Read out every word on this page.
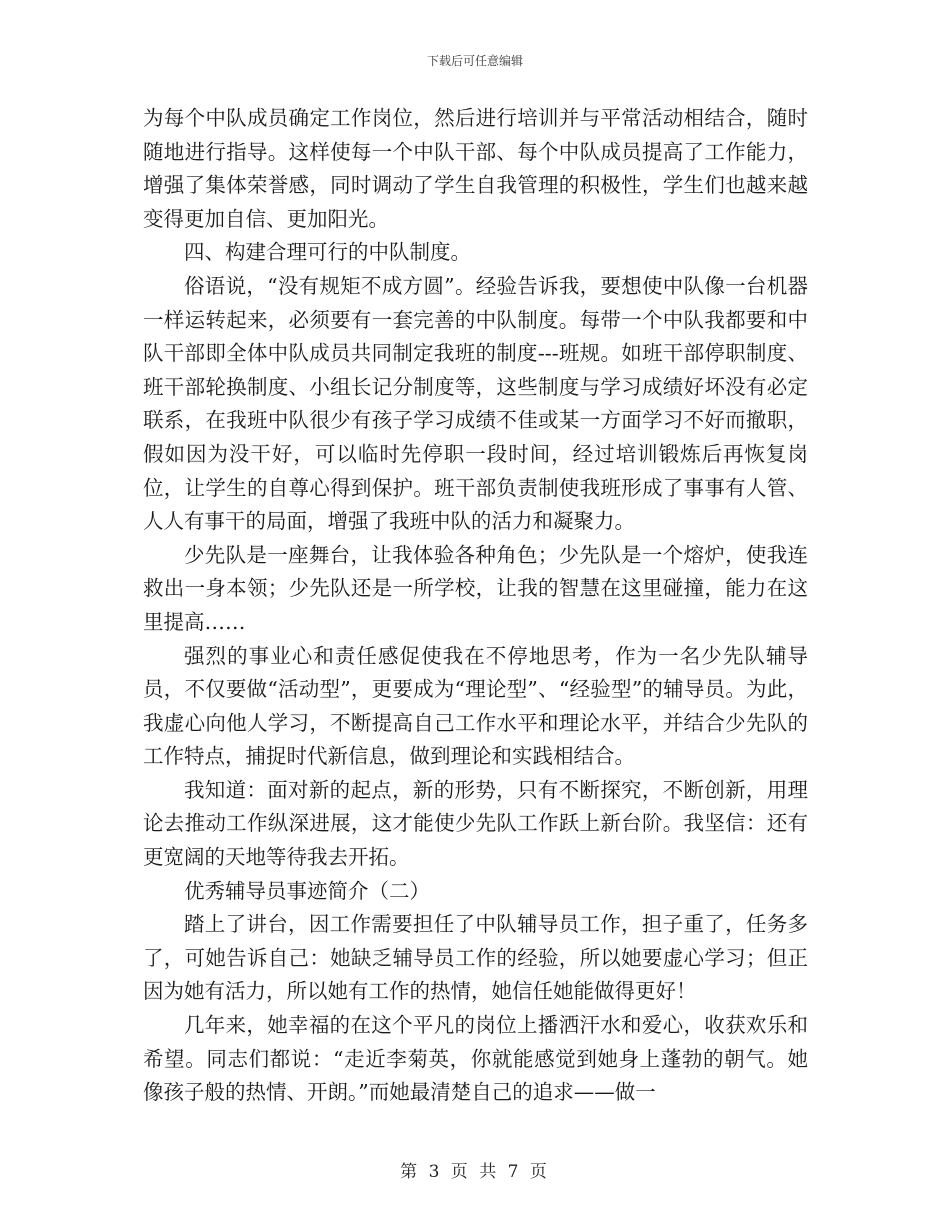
下载后可任意编辑

为每个中队成员确定工作岗位，然后进行培训并与平常活动相结合，随时随地进行指导。这样使每一个中队干部、每个中队成员提高了工作能力，增强了集体荣誉感，同时调动了学生自我管理的积极性，学生们也越来越变得更加自信、更加阳光。

四、构建合理可行的中队制度。

俗语说，“没有规矩不成方圆”。经验告诉我，要想使中队像一台机器一样运转起来，必须要有一套完善的中队制度。每带一个中队我都要和中队干部即全体中队成员共同制定我班的制度---班规。如班干部停职制度、班干部轮换制度、小组长记分制度等，这些制度与学习成绩好坏没有必定联系，在我班中队很少有孩子学习成绩不佳或某一方面学习不好而撤职，假如因为没干好，可以临时先停职一段时间，经过培训锻炼后再恢复岗位，让学生的自尊心得到保护。班干部负责制使我班形成了事事有人管、人人有事干的局面，增强了我班中队的活力和凝聚力。

少先队是一座舞台，让我体验各种角色；少先队是一个熔炉，使我连救出一身本领；少先队还是一所学校，让我的智慧在这里碰撞，能力在这里提高……

强烈的事业心和责任感促使我在不停地思考，作为一名少先队辅导员，不仅要做“活动型”，更要成为“理论型”、“经验型”的辅导员。为此，我虚心向他人学习，不断提高自己工作水平和理论水平，并结合少先队的工作特点，捕捉时代新信息，做到理论和实践相结合。

我知道：面对新的起点，新的形势，只有不断探究，不断创新，用理论去推动工作纵深进展，这才能使少先队工作跃上新台阶。我坚信：还有更宽阔的天地等待我去开拓。

优秀辅导员事迹简介（二）

踏上了讲台，因工作需要担任了中队辅导员工作，担子重了，任务多了，可她告诉自己：她缺乏辅导员工作的经验，所以她要虚心学习；但正因为她有活力，所以她有工作的热情，她信任她能做得更好！

几年来，她幸福的在这个平凡的岗位上播洒汗水和爱心，收获欢乐和希望。同志们都说：“走近李菊英，你就能感觉到她身上蓬勃的朝气。她像孩子般的热情、开朗。”而她最清楚自己的追求——做一

第 3 页 共 7 页
